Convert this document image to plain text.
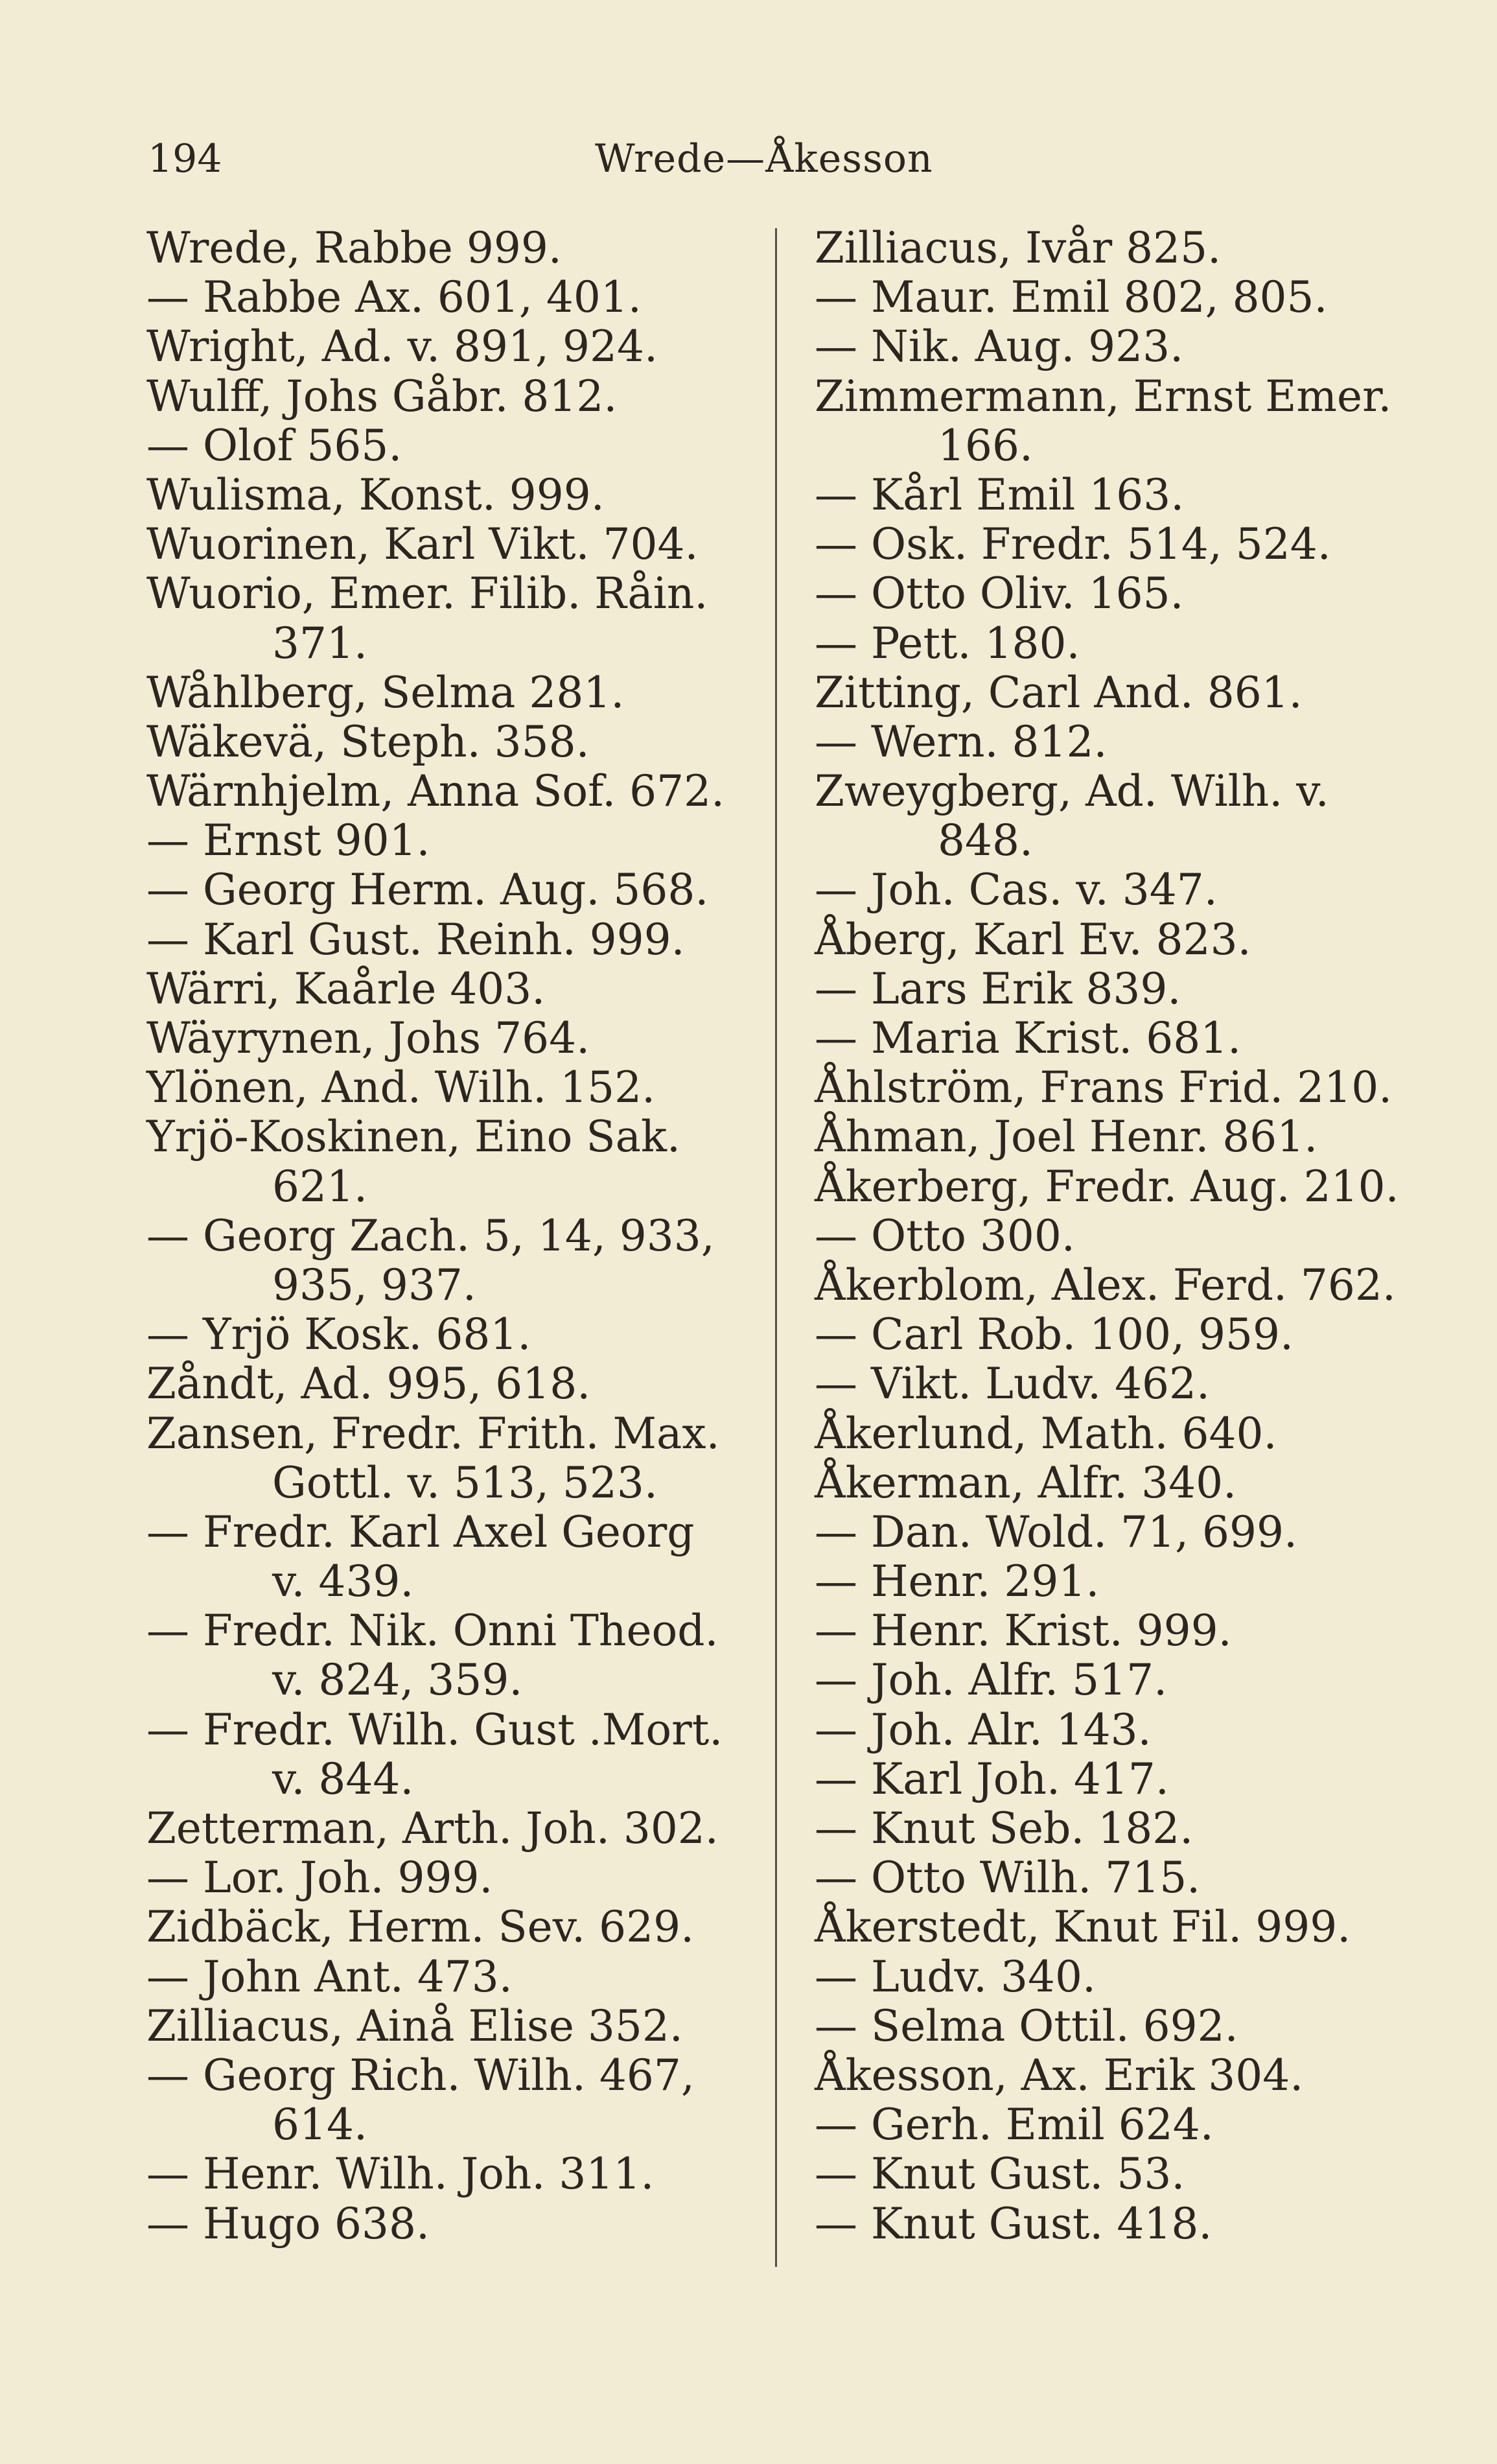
194	Wrede—Åkesson
Wrede, Rabbe 999.
— Rabbe Ax. 601, 401.
Wright, Ad. v. 891, 924.
Wulff, Johs Gåbr. 812.
— Olof 565.
Wulisma, Konst. 999.
Wuorinen, Karl Vikt. 704.
Wuorio, Emer. Filib. Råin.
371.
Wåhlberg, Selma 281.
Wäkevä, Steph. 358.
Wärnhjelm, Anna Sof. 672.
— Ernst 901.
— Georg Herm. Aug. 568.
— Karl Gust. Reinh. 999.
Wärri, Kaårle 403.
Wäyrynen, Johs 764.
Ylönen, And. Wilh. 152.
Yrjö-Koskinen, Eino Sak.
621.
— Georg Zach. 5, 14, 933,
935, 937.
— Yrjö Kosk. 681.
Zåndt, Ad. 995, 618.
Zansen, Fredr. Frith. Max.
Gottl. v. 513, 523.
— Fredr. Karl Axel Georg
v. 439.
— Fredr. Nik. Onni Theod.
v. 824, 359.
— Fredr. Wilh. Gust .Mort.
v. 844.
Zetterman, Arth. Joh. 302.
— Lor. Joh. 999.
Zidbäck, Herm. Sev. 629.
— John Ant. 473.
Zilliacus, Ainå Elise 352.
— Georg Rich. Wilh. 467,
614.
— Henr. Wilh. Joh. 311.
— Hugo 638.
Zilliacus, Ivår 825.
— Maur. Emil 802, 805.
— Nik. Aug. 923.
Zimmermann, Ernst Emer.
166.
— Kårl Emil 163.
— Osk. Fredr. 514, 524.
— Otto Oliv. 165.
— Pett. 180.
Zitting, Carl And. 861.
— Wern. 812.
Zweygberg, Ad. Wilh. v.
848.
— Joh. Cas. v. 347.
Åberg, Karl Ev. 823.
— Lars Erik 839.
— Maria Krist. 681.
Åhlström, Frans Frid. 210.
Åhman, Joel Henr. 861.
Åkerberg, Fredr. Aug. 210.
— Otto 300.
Åkerblom, Alex. Ferd. 762.
— Carl Rob. 100, 959.
— Vikt. Ludv. 462.
Åkerlund, Math. 640.
Åkerman, Alfr. 340.
— Dan. Wold. 71, 699.
— Henr. 291.
— Henr. Krist. 999.
— Joh. Alfr. 517.
— Joh. Alr. 143.
— Karl Joh. 417.
— Knut Seb. 182.
— Otto Wilh. 715.
Åkerstedt, Knut Fil. 999.
— Ludv. 340.
— Selma Ottil. 692.
Åkesson, Ax. Erik 304.
— Gerh. Emil 624.
— Knut Gust. 53.
— Knut Gust. 418.
